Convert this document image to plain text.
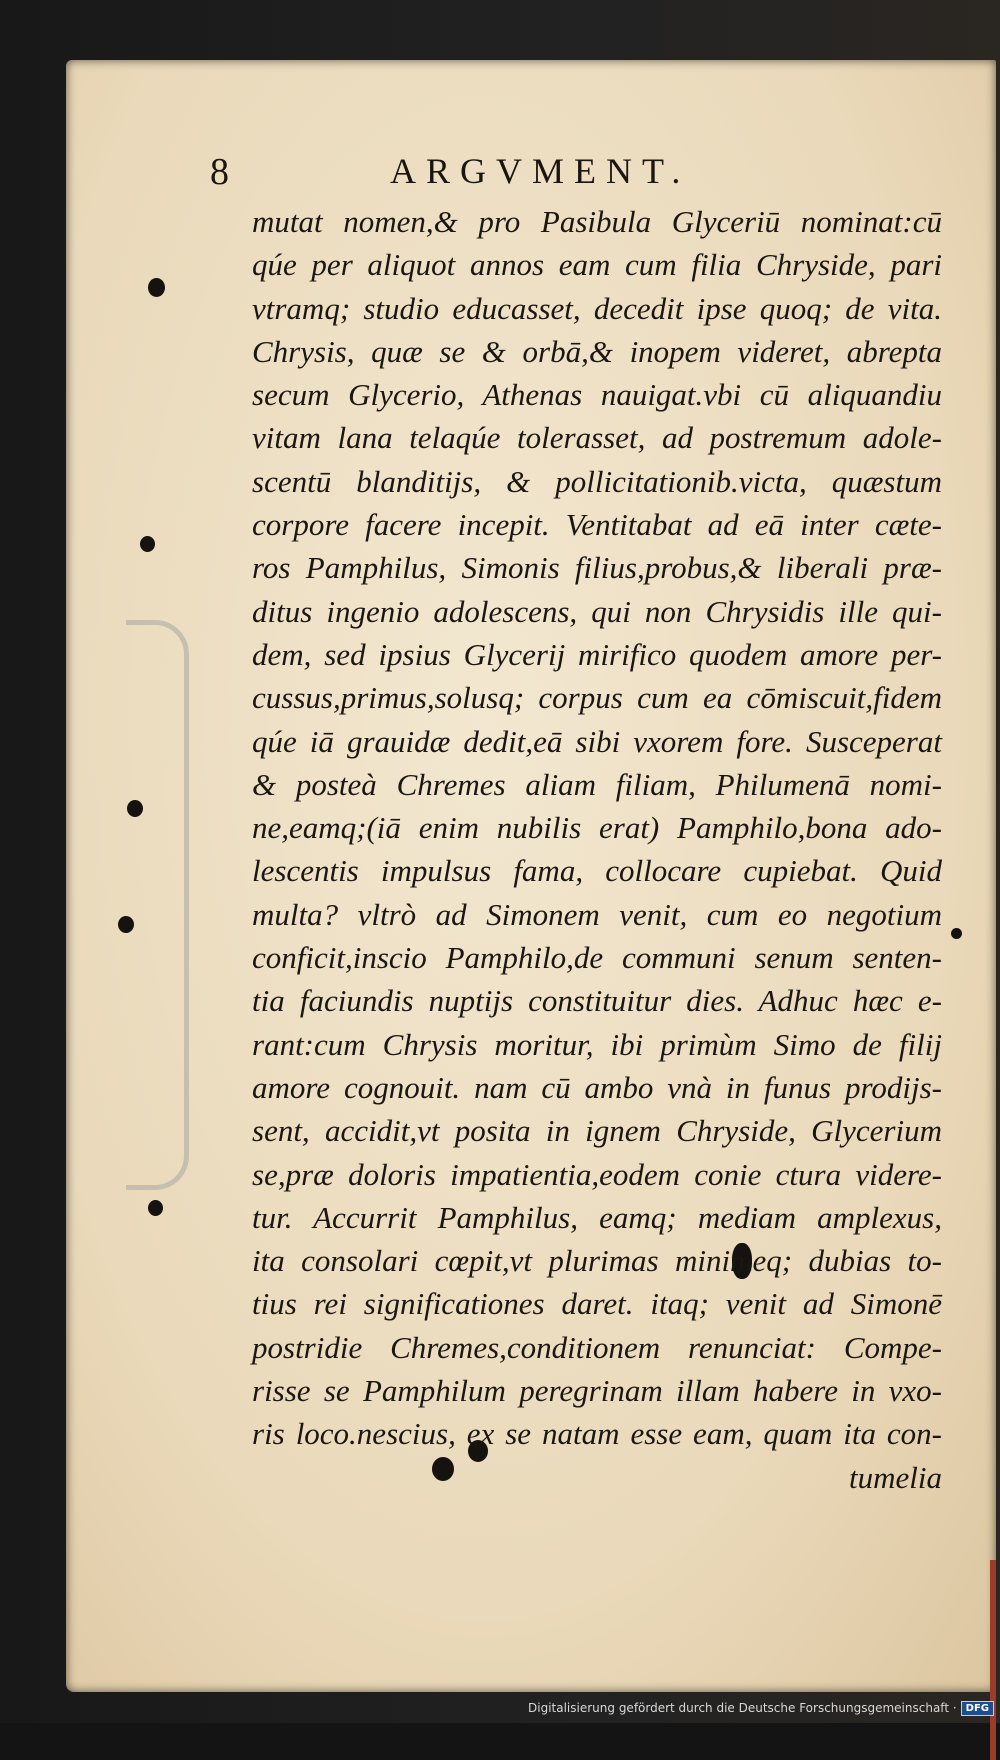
8	ARGVMENT.
mutat nomen,& pro Pasibula Glyceriū nominat:cū
qúe per aliquot annos eam cum filia Chryside, pari
vtramq; studio educasset, decedit ipse quoq; de vita.
Chrysis, quæ se & orbā,& inopem videret, abrepta
secum Glycerio, Athenas nauigat.vbi cū aliquandiu
vitam lana telaqúe tolerasset, ad postremum adole-
scentū blanditijs, & pollicitationib.victa, quæstum
corpore facere incepit. Ventitabat ad eā inter cæte-
ros Pamphilus, Simonis filius,probus,& liberali præ-
ditus ingenio adolescens, qui non Chrysidis ille qui-
dem, sed ipsius Glycerij mirifico quodem amore per-
cussus,primus,solusq; corpus cum ea cōmiscuit,fidem
qúe iā grauidæ dedit,eā sibi vxorem fore. Susceperat
& posteà Chremes aliam filiam, Philumenā nomi-
ne,eamq;(iā enim nubilis erat) Pamphilo,bona ado-
lescentis impulsus fama, collocare cupiebat. Quid
multa? vltrò ad Simonem venit, cum eo negotium
conficit,inscio Pamphilo,de communi senum senten-
tia faciundis nuptijs constituitur dies. Adhuc hæc e-
rant:cum Chrysis moritur, ibi primùm Simo de filij
amore cognouit. nam cū ambo vnà in funus prodijs-
sent, accidit,vt posita in ignem Chryside, Glycerium
se,præ doloris impatientia,eodem conie ctura videre-
tur. Accurrit Pamphilus, eamq; mediam amplexus,
ita consolari cœpit,vt plurimas minimeq; dubias to-
tius rei significationes daret. itaq; venit ad Simonē
postridie Chremes,conditionem renunciat: Compe-
risse se Pamphilum peregrinam illam habere in vxo-
ris loco.nescius, ex se natam esse eam, quam ita con-
tumelia
Digitalisierung gefördert durch die Deutsche Forschungsgemeinschaft · DFG
